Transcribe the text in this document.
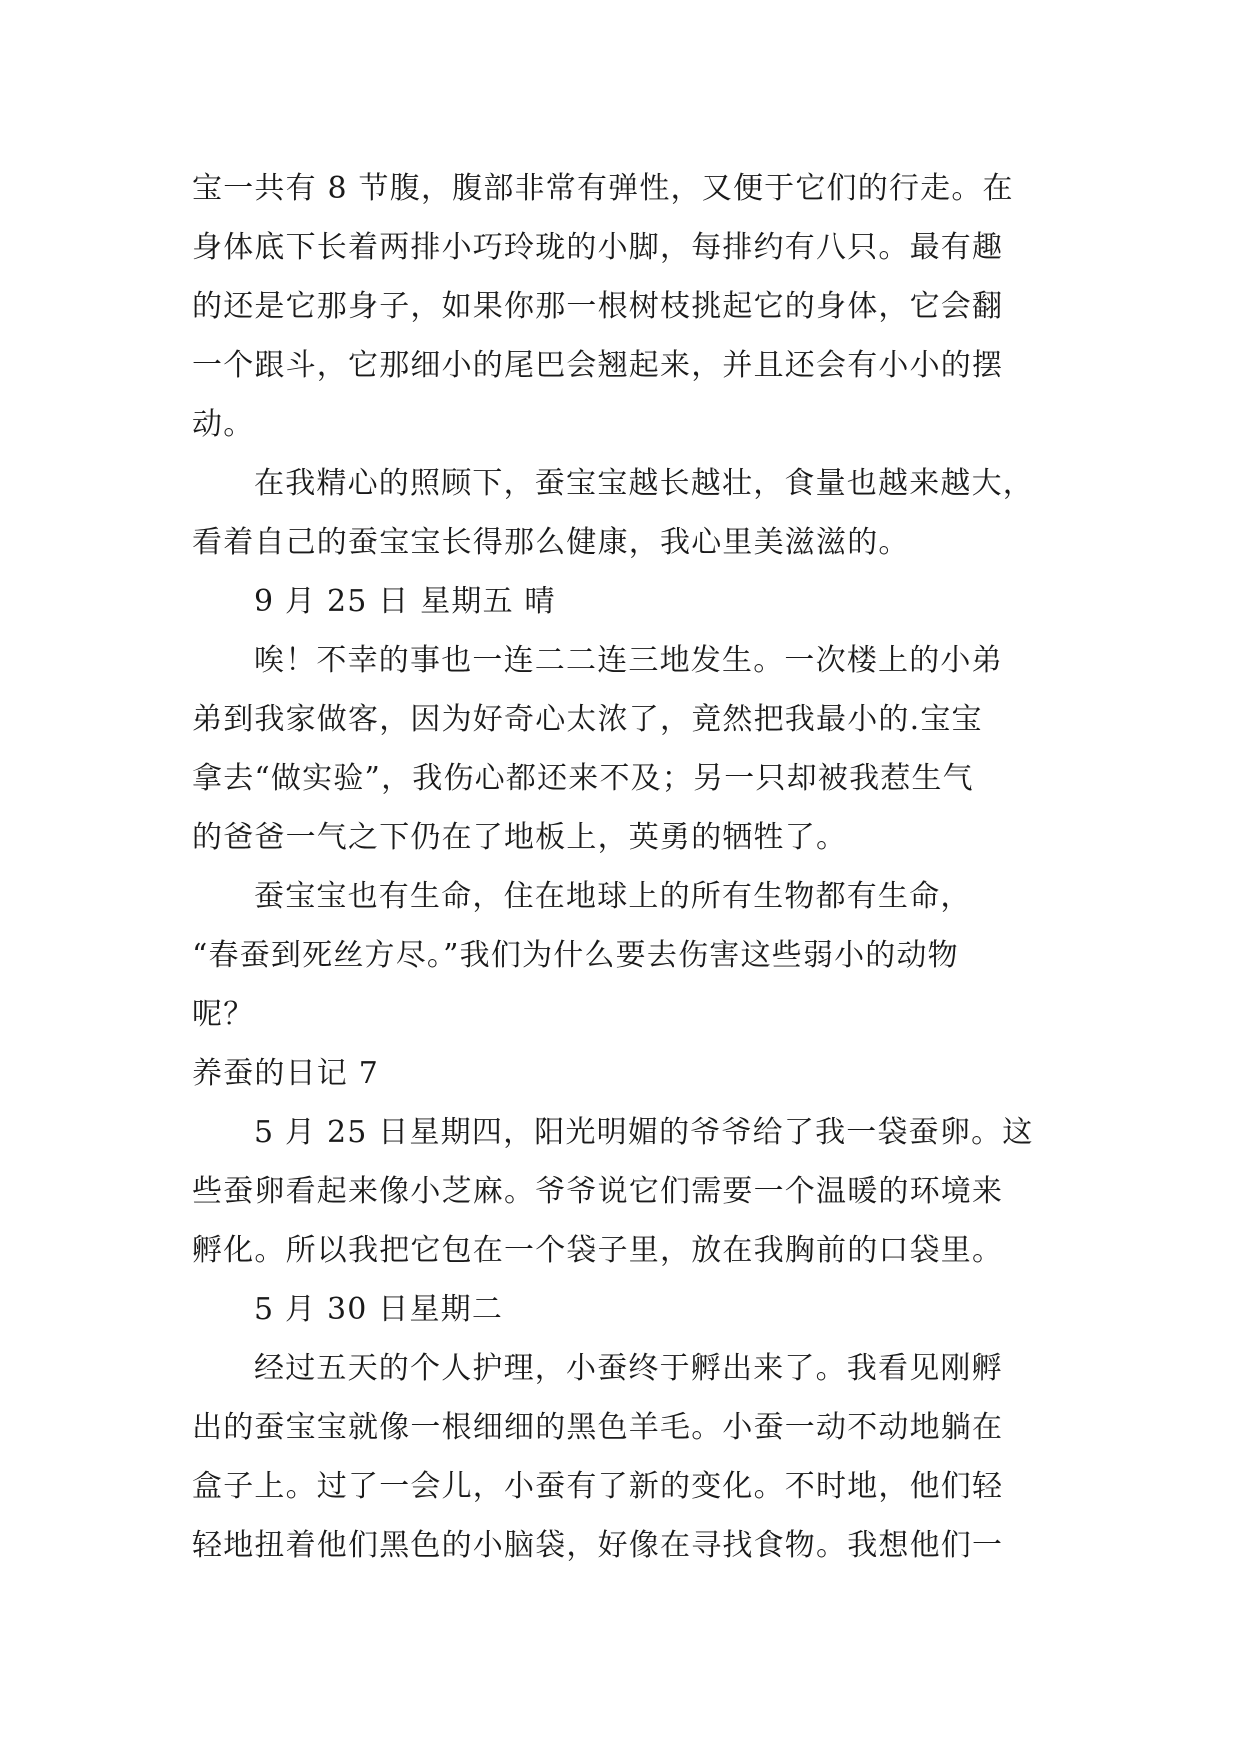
宝一共有 8 节腹，腹部非常有弹性，又便于它们的行走。在
身体底下长着两排小巧玲珑的小脚，每排约有八只。最有趣
的还是它那身子，如果你那一根树枝挑起它的身体，它会翻
一个跟斗，它那细小的尾巴会翘起来，并且还会有小小的摆
动。
在我精心的照顾下，蚕宝宝越长越壮，食量也越来越大，
看着自己的蚕宝宝长得那么健康，我心里美滋滋的。
9 月 25 日 星期五 晴
唉！不幸的事也一连二二连三地发生。一次楼上的小弟
弟到我家做客，因为好奇心太浓了，竟然把我最小的.宝宝
拿去“做实验”，我伤心都还来不及；另一只却被我惹生气
的爸爸一气之下仍在了地板上，英勇的牺牲了。
蚕宝宝也有生命，住在地球上的所有生物都有生命，
“春蚕到死丝方尽。”我们为什么要去伤害这些弱小的动物
呢？
养蚕的日记 7
5 月 25 日星期四，阳光明媚的爷爷给了我一袋蚕卵。这
些蚕卵看起来像小芝麻。爷爷说它们需要一个温暖的环境来
孵化。所以我把它包在一个袋子里，放在我胸前的口袋里。
5 月 30 日星期二
经过五天的个人护理，小蚕终于孵出来了。我看见刚孵
出的蚕宝宝就像一根细细的黑色羊毛。小蚕一动不动地躺在
盒子上。过了一会儿，小蚕有了新的变化。不时地，他们轻
轻地扭着他们黑色的小脑袋，好像在寻找食物。我想他们一
